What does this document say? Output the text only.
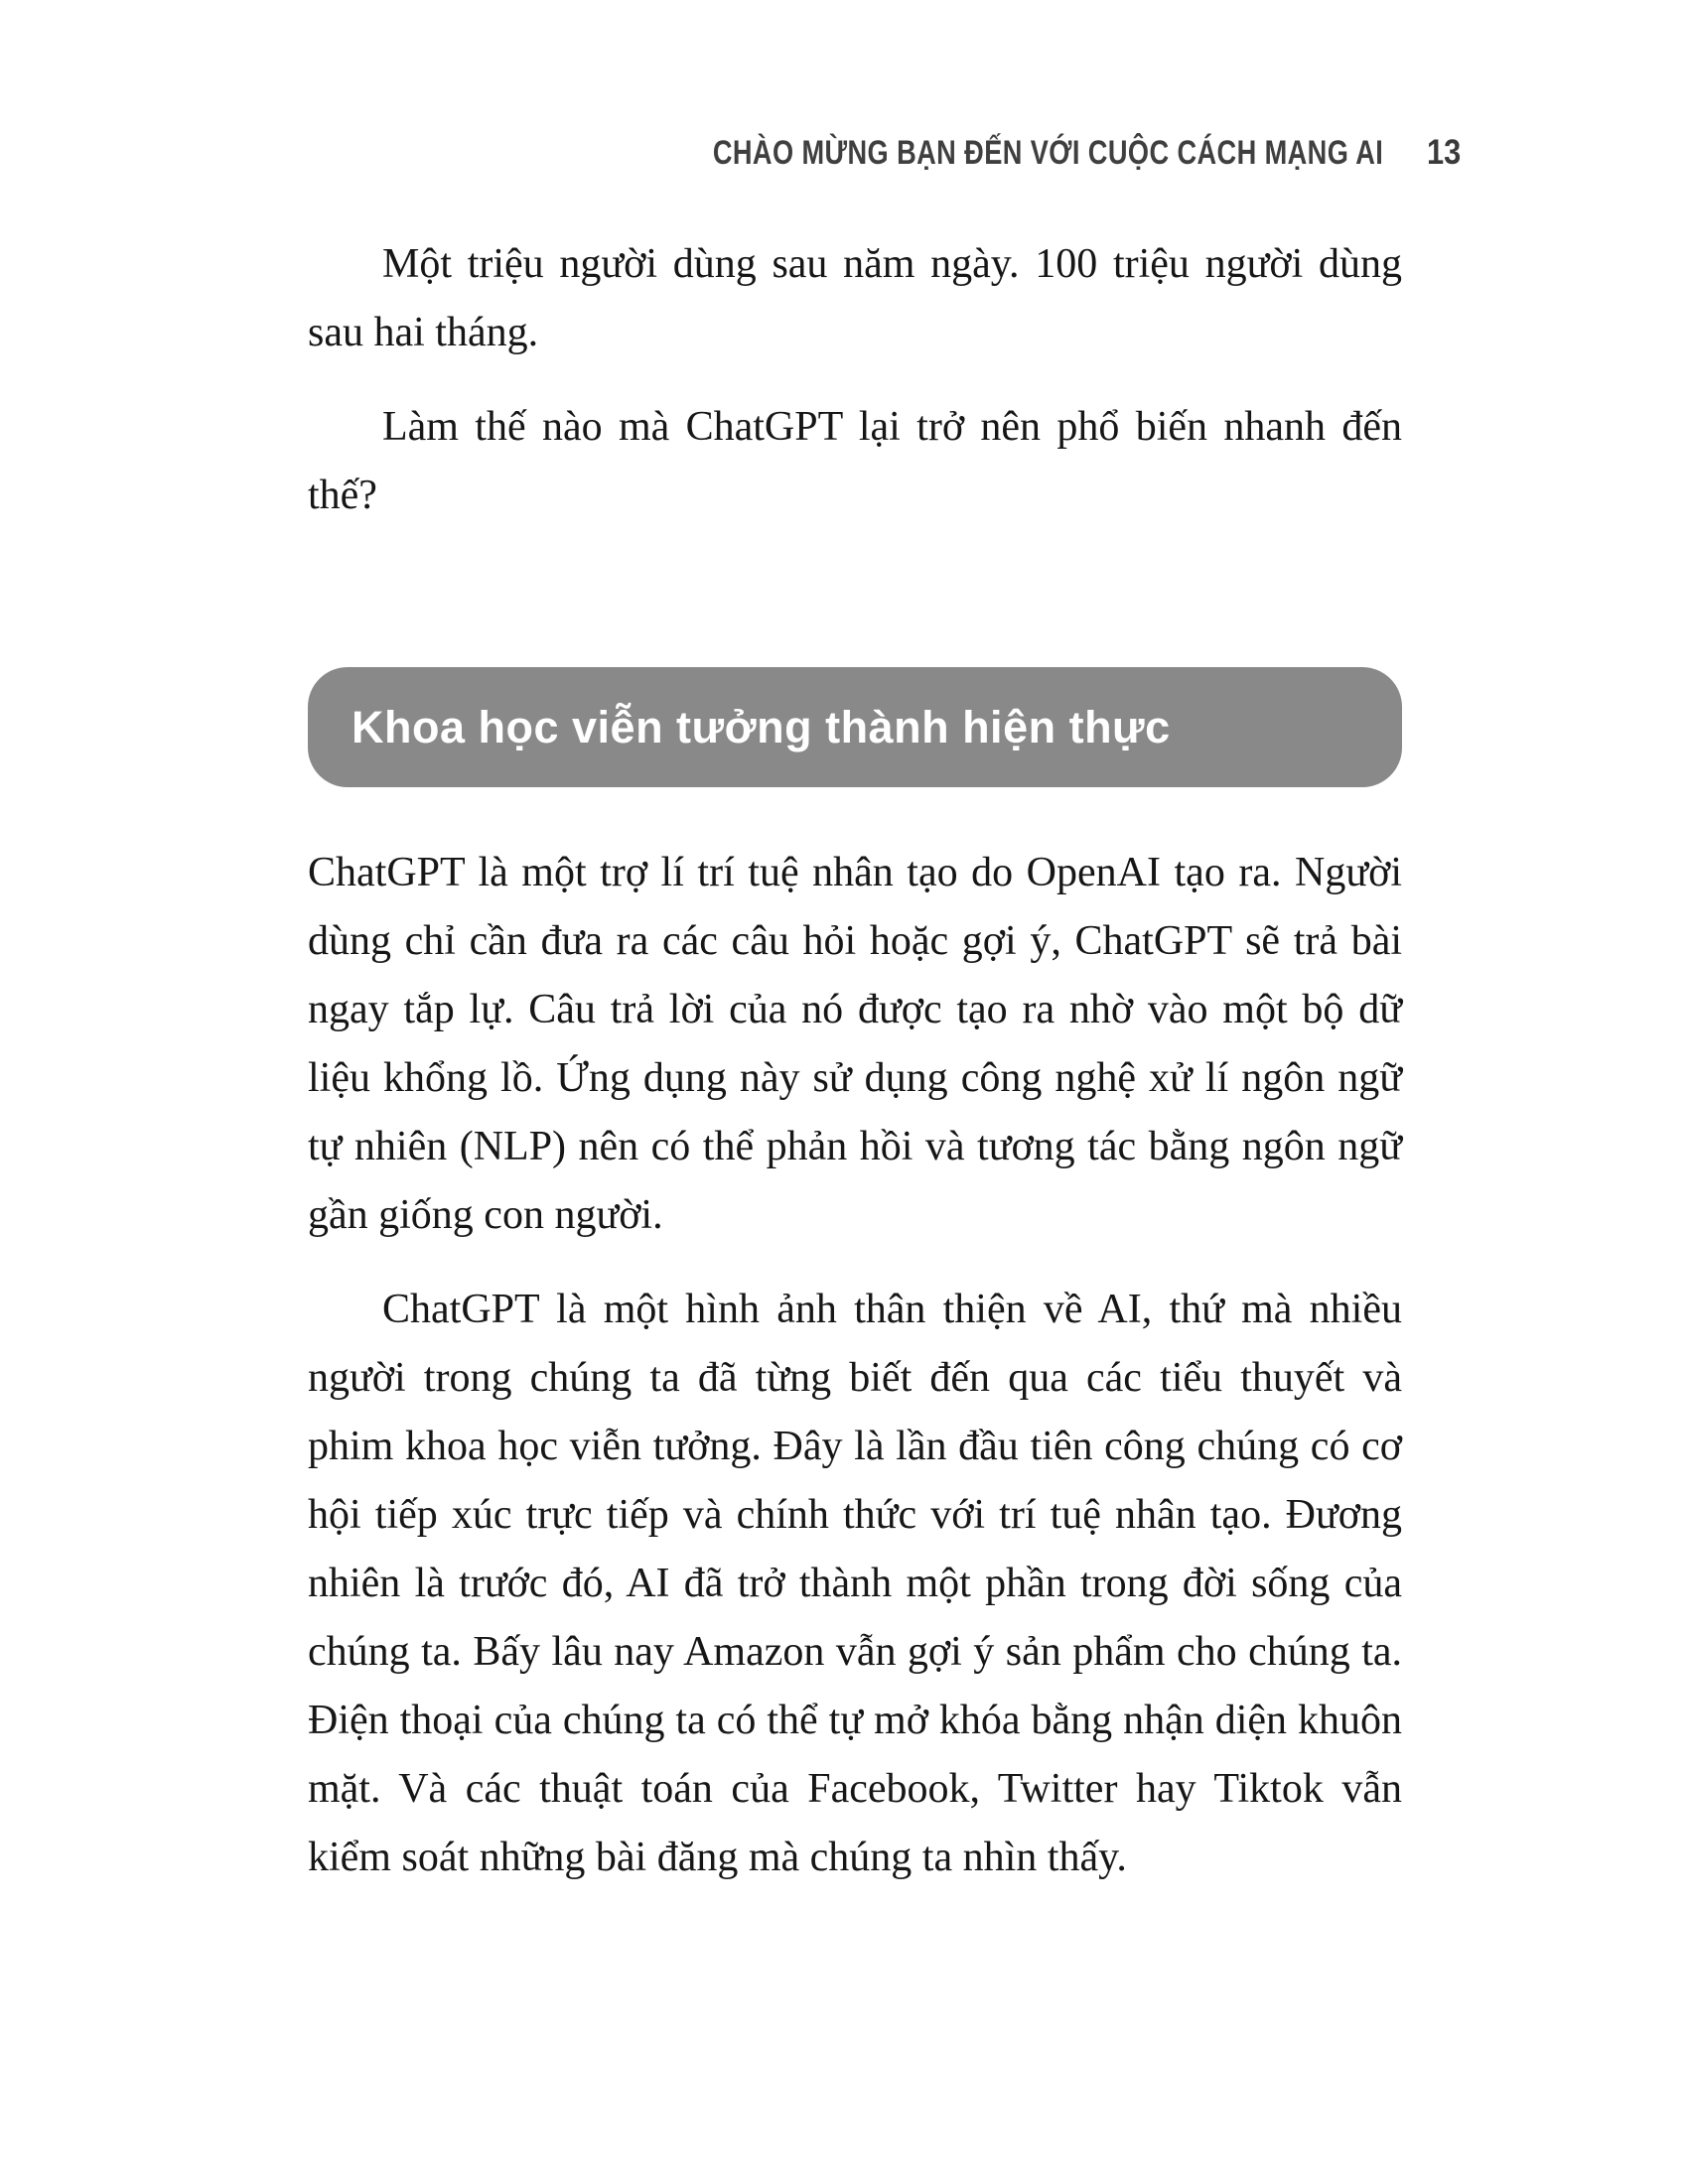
CHÀO MỪNG BẠN ĐẾN VỚI CUỘC CÁCH MẠNG AI 13

Một triệu người dùng sau năm ngày. 100 triệu người dùng sau hai tháng.

Làm thế nào mà ChatGPT lại trở nên phổ biến nhanh đến thế?

Khoa học viễn tưởng thành hiện thực

ChatGPT là một trợ lí trí tuệ nhân tạo do OpenAI tạo ra. Người dùng chỉ cần đưa ra các câu hỏi hoặc gợi ý, ChatGPT sẽ trả bài ngay tắp lự. Câu trả lời của nó được tạo ra nhờ vào một bộ dữ liệu khổng lồ. Ứng dụng này sử dụng công nghệ xử lí ngôn ngữ tự nhiên (NLP) nên có thể phản hồi và tương tác bằng ngôn ngữ gần giống con người.

ChatGPT là một hình ảnh thân thiện về AI, thứ mà nhiều người trong chúng ta đã từng biết đến qua các tiểu thuyết và phim khoa học viễn tưởng. Đây là lần đầu tiên công chúng có cơ hội tiếp xúc trực tiếp và chính thức với trí tuệ nhân tạo. Đương nhiên là trước đó, AI đã trở thành một phần trong đời sống của chúng ta. Bấy lâu nay Amazon vẫn gợi ý sản phẩm cho chúng ta. Điện thoại của chúng ta có thể tự mở khóa bằng nhận diện khuôn mặt. Và các thuật toán của Facebook, Twitter hay Tiktok vẫn kiểm soát những bài đăng mà chúng ta nhìn thấy.
